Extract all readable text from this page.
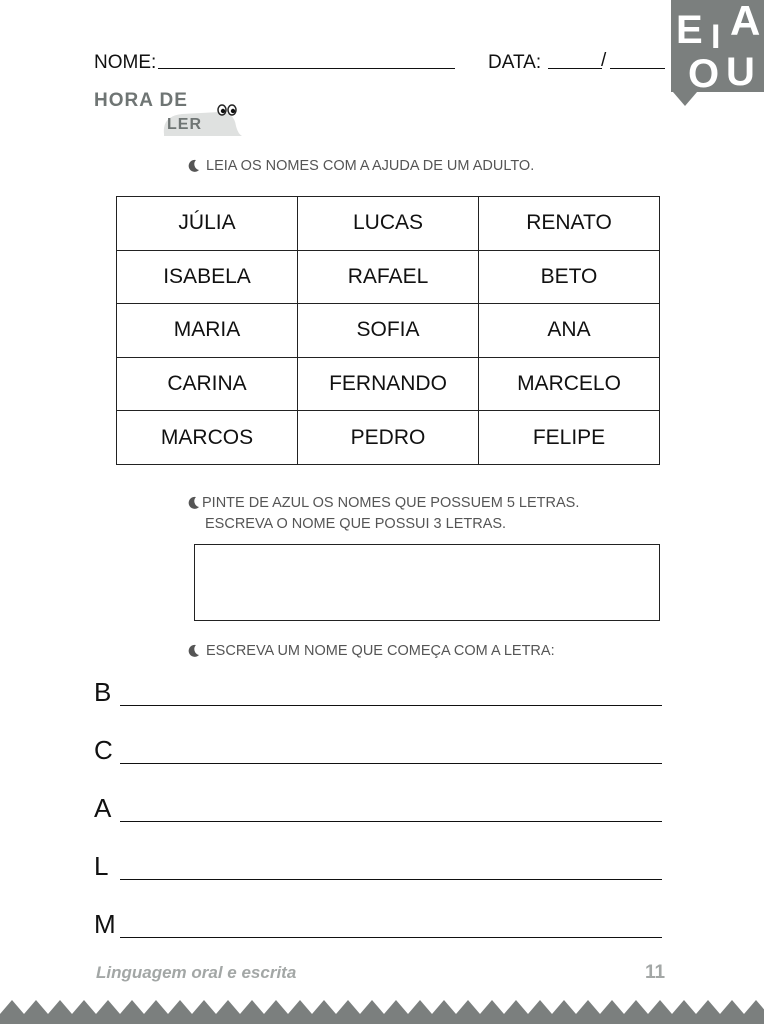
NOME:	DATA:	/
E I A
O U
HORA DE
LER
LEIA OS NOMES COM A AJUDA DE UM ADULTO.
JÚLIA	LUCAS	RENATO
ISABELA	RAFAEL	BETO
MARIA	SOFIA	ANA
CARINA	FERNANDO	MARCELO
MARCOS	PEDRO	FELIPE
PINTE DE AZUL OS NOMES QUE POSSUEM 5 LETRAS.
ESCREVA O NOME QUE POSSUI 3 LETRAS.
ESCREVA UM NOME QUE COMEÇA COM A LETRA:
B
C
A
L
M
Linguagem oral e escrita	11
